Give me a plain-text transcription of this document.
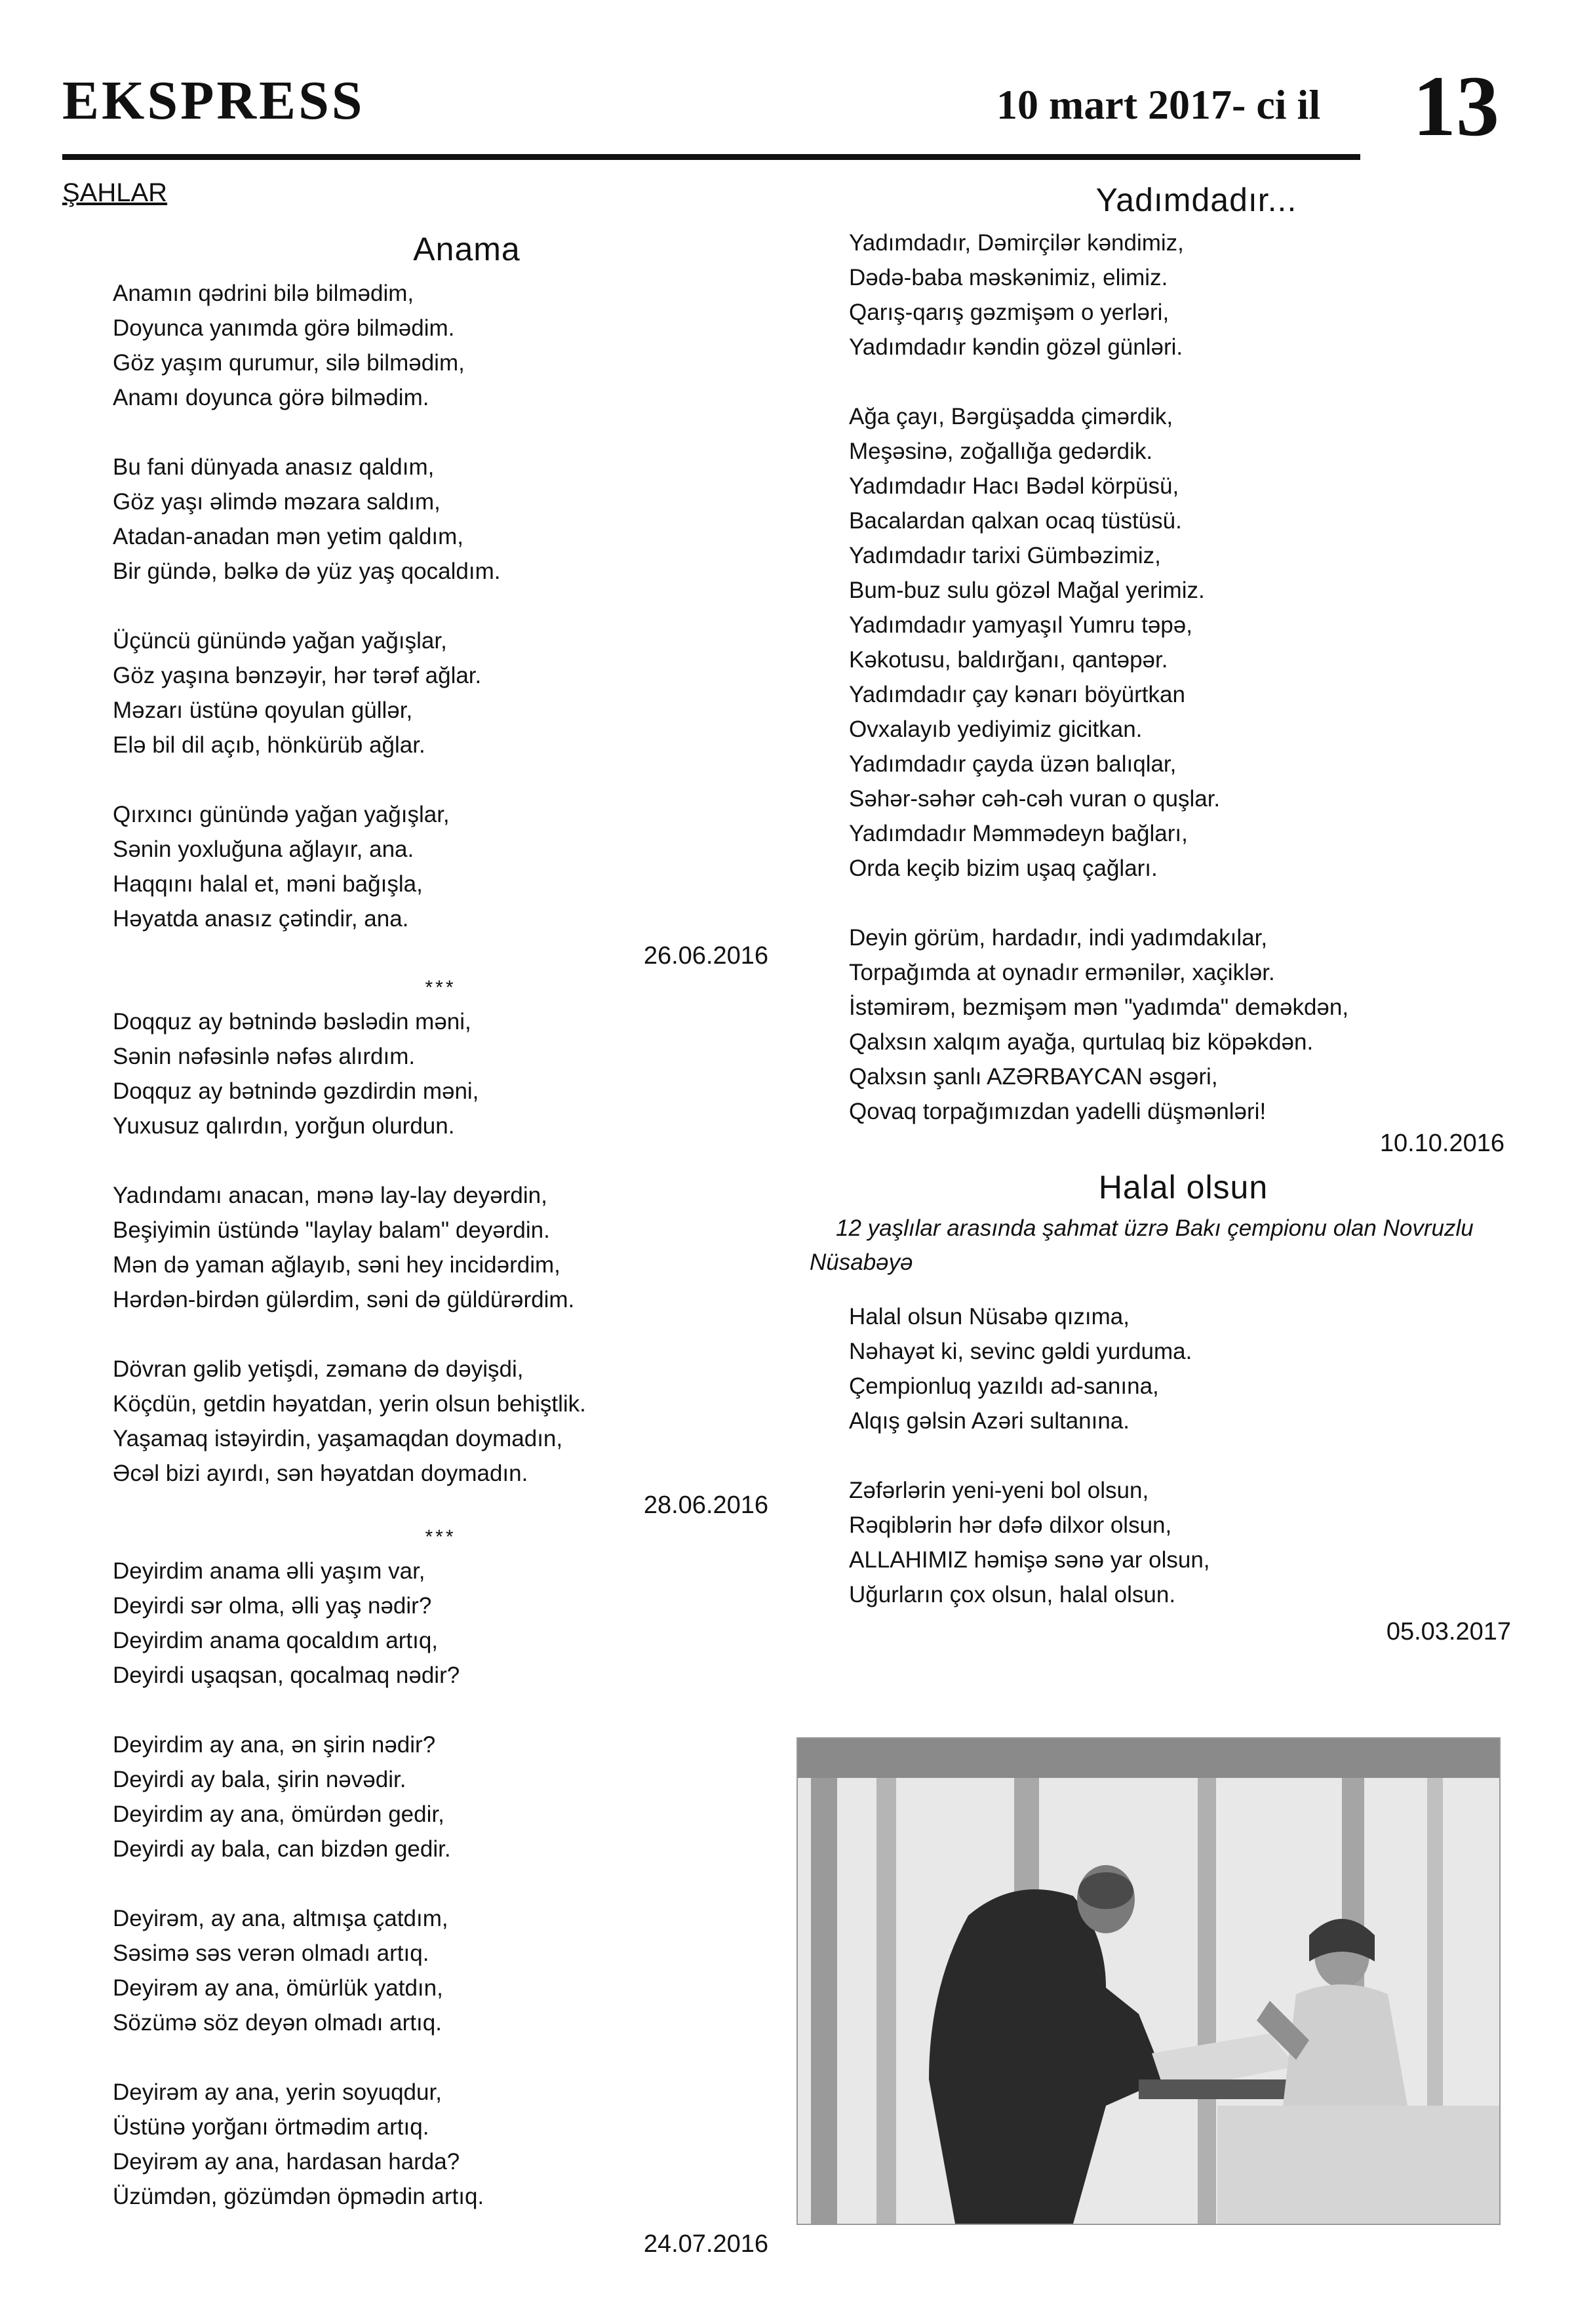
EKSPRESS	10 mart 2017- ci il 13
ŞAHLAR
Anama
Anamın qədrini bilə bilmədim,
Doyunca yanımda görə bilmədim.
Göz yaşım qurumur, silə bilmədim,
Anamı doyunca görə bilmədim.
Bu fani dünyada anasız qaldım,
Göz yaşı əlimdə məzara saldım,
Atadan-anadan mən yetim qaldım,
Bir gündə, bəlkə də yüz yaş qocaldım.
Üçüncü günündə yağan yağışlar,
Göz yaşına bənzəyir, hər tərəf ağlar.
Məzarı üstünə qoyulan güllər,
Elə bil dil açıb, hönkürüb ağlar.
Qırxıncı günündə yağan yağışlar,
Sənin yoxluğuna ağlayır, ana.
Haqqını halal et, məni bağışla,
Həyatda anasız çətindir, ana.
26.06.2016
***
Doqquz ay bətnində bəslədin məni,
Sənin nəfəsinlə nəfəs alırdım.
Doqquz ay bətnində gəzdirdin məni,
Yuxusuz qalırdın, yorğun olurdun.
Yadındamı anacan, mənə lay-lay deyərdin,
Beşiyimin üstündə "laylay balam" deyərdin.
Mən də yaman ağlayıb, səni hey incidərdim,
Hərdən-birdən gülərdim, səni də güldürərdim.
Dövran gəlib yetişdi, zəmanə də dəyişdi,
Köçdün, getdin həyatdan, yerin olsun behiştlik.
Yaşamaq istəyirdin, yaşamaqdan doymadın,
Əcəl bizi ayırdı, sən həyatdan doymadın.
28.06.2016
***
Deyirdim anama əlli yaşım var,
Deyirdi sər olma, əlli yaş nədir?
Deyirdim anama qocaldım artıq,
Deyirdi uşaqsan, qocalmaq nədir?
Deyirdim ay ana, ən şirin nədir?
Deyirdi ay bala, şirin nəvədir.
Deyirdim ay ana, ömürdən gedir,
Deyirdi ay bala, can bizdən gedir.
Deyirəm, ay ana, altmışa çatdım,
Səsimə səs verən olmadı artıq.
Deyirəm ay ana, ömürlük yatdın,
Sözümə söz deyən olmadı artıq.
Deyirəm ay ana, yerin soyuqdur,
Üstünə yorğanı örtmədim artıq.
Deyirəm ay ana, hardasan harda?
Üzümdən, gözümdən öpmədin artıq.
24.07.2016
Yadımdadır...
Yadımdadır, Dəmirçilər kəndimiz,
Dədə-baba məskənimiz, elimiz.
Qarış-qarış gəzmişəm o yerləri,
Yadımdadır kəndin gözəl günləri.
Ağa çayı, Bərgüşadda çimərdik,
Meşəsinə, zoğallığa gedərdik.
Yadımdadır Hacı Bədəl körpüsü,
Bacalardan qalxan ocaq tüstüsü.
Yadımdadır tarixi Gümbəzimiz,
Bum-buz sulu gözəl Mağal yerimiz.
Yadımdadır yamyaşıl Yumru təpə,
Kəkotusu, baldırğanı, qantəpər.
Yadımdadır çay kənarı böyürtkan
Ovxalayıb yediyimiz gicitkan.
Yadımdadır çayda üzən balıqlar,
Səhər-səhər cəh-cəh vuran o quşlar.
Yadımdadır Məmmədeyn bağları,
Orda keçib bizim uşaq çağları.
Deyin görüm, hardadır, indi yadımdakılar,
Torpağımda at oynadır ermənilər, xaçiklər.
İstəmirəm, bezmişəm mən "yadımda" deməkdən,
Qalxsın xalqım ayağa, qurtulaq biz köpəkdən.
Qalxsın şanlı AZƏRBAYCAN əsgəri,
Qovaq torpağımızdan yadelli düşmənləri!
10.10.2016
Halal olsun
12 yaşlılar arasında şahmat üzrə Bakı çempionu olan Novruzlu Nüsabəyə
Halal olsun Nüsabə qızıma,
Nəhayət ki, sevinc gəldi yurduma.
Çempionluq yazıldı ad-sanına,
Alqış gəlsin Azəri sultanına.
Zəfərlərin yeni-yeni bol olsun,
Rəqiblərin hər dəfə dilxor olsun,
ALLAHIMIZ həmişə sənə yar olsun,
Uğurların çox olsun, halal olsun.
05.03.2017
